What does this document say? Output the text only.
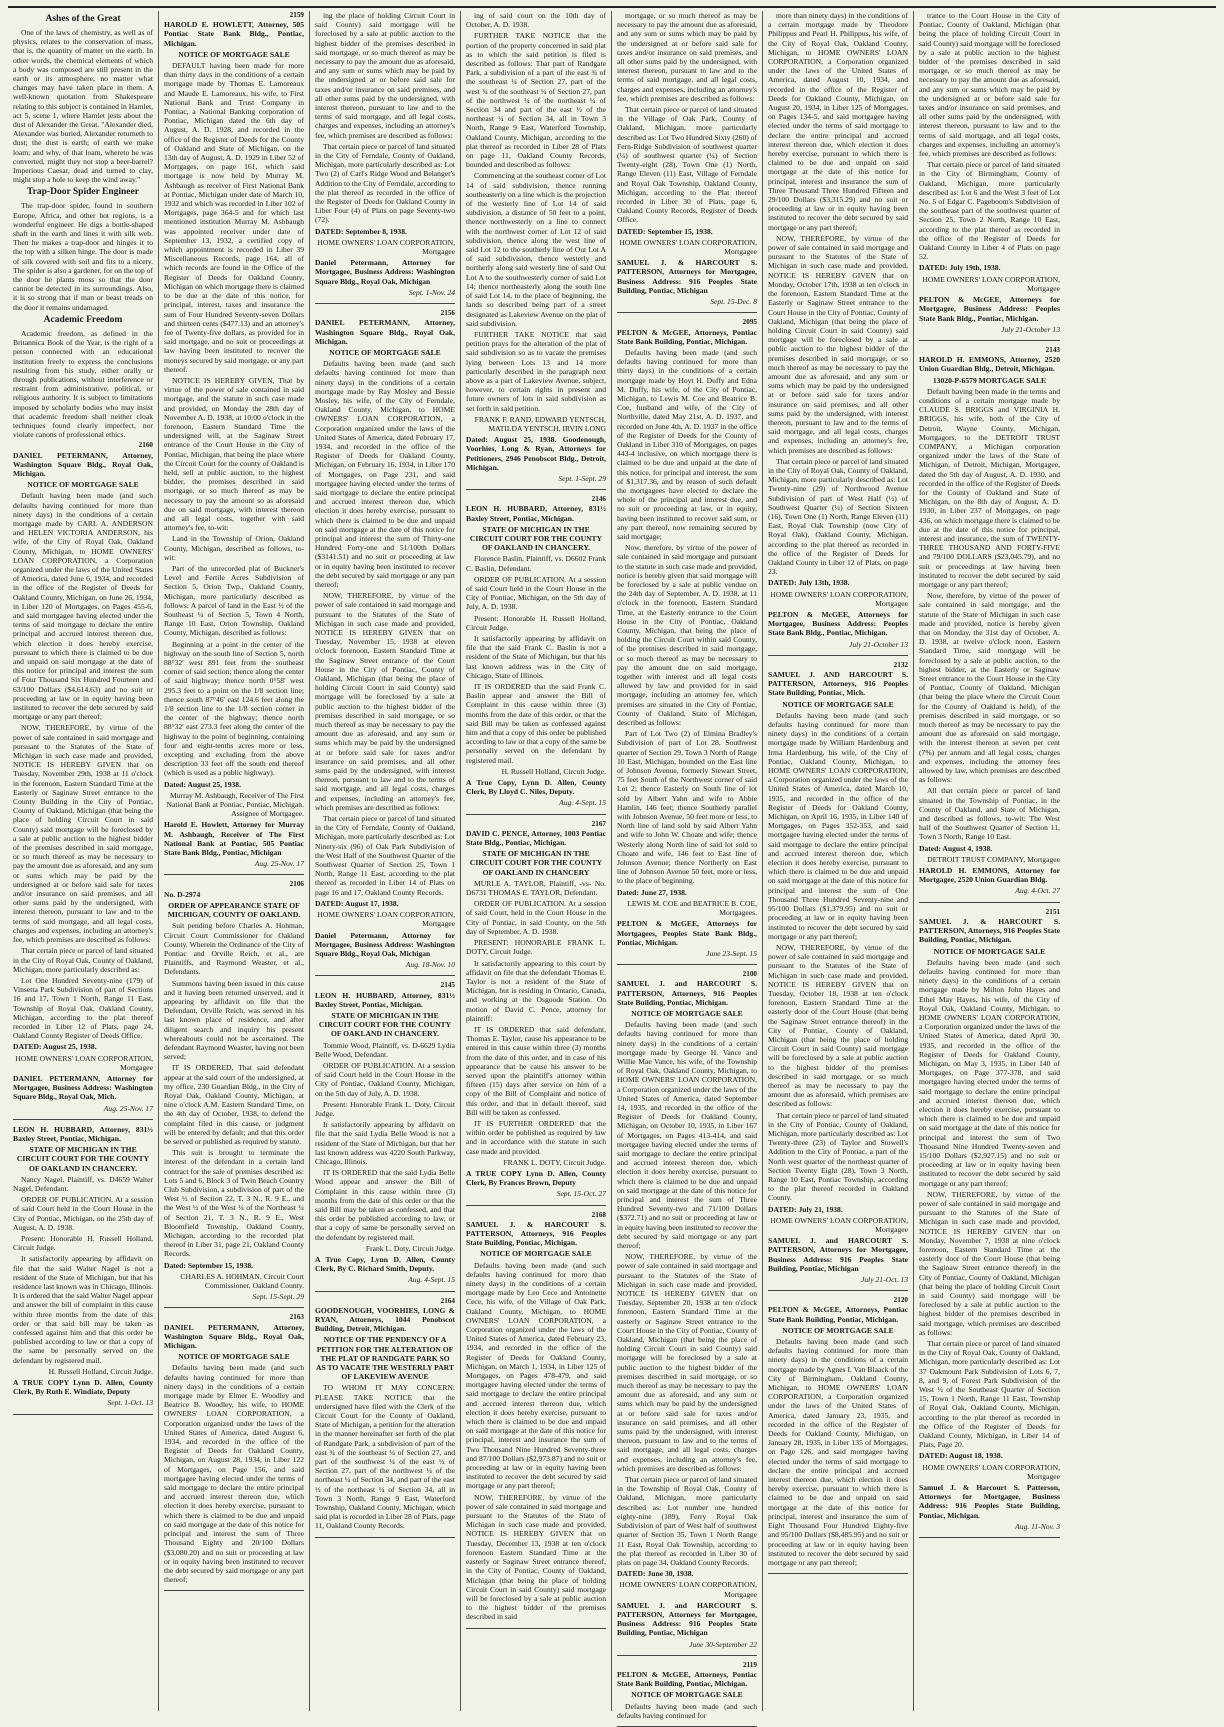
Ashes of the Great

One of the laws of chemistry, as well as of physics, relates to the conservation of mass, that is, the quantity of matter on the earth. In other words, the chemical elements of which a body was composed are still present in the earth or its atmosphere, no matter what changes may have taken place in them. A well-known quotation from Shakespeare relating to this subject is contained in Hamlet, act 5, scene 1, where Hamlet jests about the dust of Alexander the Great. "Alexander died, Alexander was buried, Alexander returneth to dust; the dust is earth; of earth we make loam; and why, of that loam, whereto he was converted, might they not stop a beer-barrel? Imperious Caesar, dead and turned to clay, might stop a hole to keep the wind away."

Trap-Door Spider Engineer

The trap-door spider, found in southern Europe, Africa, and other hot regions, is a wonderful engineer. He digs a bottle-shaped shaft in the earth and lines it with silk web. Then he makes a trap-door and hinges it to the top with a silken hinge. The door is made of silk covered with soil and fits to a nicety. The spider is also a gardener, for on the top of the door he plants moss so that the door cannot be detected in its surroundings. Also, it is so strong that if man or beast treads on the door it remains undamaged.

Academic Freedom

Academic freedom, as defined in the Britannica Book of the Year, is the right of a person connected with an educational institution freely to express the conclusions resulting from his study, either orally or through publications, without interference or restraint from administrative, political, or religious authority. It is subject to limitations imposed by scholarly bodies who may insist that academic freedom shall neither cloak techniques found clearly imperfect, nor violate canons of professional ethics.

2160

DANIEL PETERMANN, Attorney, Washington Square Bldg., Royal Oak, Michigan.

NOTICE OF MORTGAGE SALE

Default having been made (and such defaults having continued for more than ninety days) in the conditions of a certain mortgage made by CARL A. ANDERSON and HELEN VICTORIA ANDERSON, his wife, of the City of Royal Oak, Oakland County, Michigan, to HOME OWNERS' LOAN CORPORATION, a Corporation organized under the laws of the United States of America, dated June 6, 1934, and recorded in the office of the Register of Deeds for Oakland County, Michigan, on June 26, 1934, in Liber 120 of Mortgages, on Pages 455-6, and said mortgagee having elected under the terms of said mortgage to declare the entire principal and accrued interest thereon due, which election it does hereby exercise, pursuant to which there is claimed to be due and unpaid on said mortgage at the date of this notice for principal and interest the sum of Four Thousand Six Hundred Fourteen and 63/100 Dollars ($4,614.63) and no suit or proceeding at law or in equity having been instituted to recover the debt secured by said mortgage or any part thereof;

NOW, THEREFORE, by virtue of the power of sale contained in said mortgage and pursuant to the Statutes of the State of Michigan in such case made and provided, NOTICE IS HEREBY GIVEN that on Tuesday, November 29th, 1938 at 11 o'clock in the forenoon, Eastern Standard Time at the Easterly or Saginaw Street entrance to the County Building in the City of Pontiac, County of Oakland, Michigan (that being the place of holding Circuit Court in said County) said mortgage will be foreclosed by a sale at public auction to the highest bidder of the premises described in said mortgage, or so much thereof as may be necessary to pay the amount due as aforesaid, and any sum or sums which may be paid by the undersigned at or before said sale for taxes and/or insurance on said premises, and all other sums paid by the undersigned, with interest thereon, pursuant to law and to the terms of said mortgage, and all legal costs, charges and expenses, including an attorney's fee, which premises are described as follows:

That certain piece or parcel of land situated in the City of Royal Oak, County of Oakland, Michigan, more particularly described as:

Lot One Hundred Seventy-nine (179) of Vinsetta Park Subdivision of part of Sections 16 and 17, Town 1 North, Range 11 East, Township of Royal Oak, Oakland County, Michigan, according to the plat thereof recorded in Liber 12 of Plats, page 24, Oakland County Register of Deeds Office.

DATED: August 25, 1938.

HOME OWNERS' LOAN CORPORATION, Mortgagee

DANIEL PETERMANN, Attorney for Mortgagee, Business Address: Washington Square Bldg., Royal Oak, Mich.

Aug. 25-Nov. 17

LEON H. HUBBARD, Attorney, 831½ Baxley Street, Pontiac, Michigan.

STATE OF MICHIGAN IN THE CIRCUIT COURT FOR THE COUNTY OF OAKLAND IN CHANCERY.

Nancy Nagel, Plaintiff, vs. D4659 Walter Nagel, Defendant.

ORDER OF PUBLICATION. At a session of said Court held in the Court House in the City of Pontiac, Michigan, on the 25th day of August, A. D. 1938.

Present: Honorable H. Russell Holland, Circuit Judge.

It satisfactorily appearing by affidavit on file that the said Walter Nagel is not a resident of the State of Michigan, but that his residence last known was in Chicago, Illinois. It is ordered that the said Walter Nagel appear and answer the bill of complaint in this cause within three months from the date of this order or that said bill may be taken as confessed against him and that this order be published according to law or that a copy of the same be personally served on the defendant by registered mail.

H. Russell Holland, Circuit Judge.

A TRUE COPY Lynn D. Allen, County Clerk, By Ruth E. Windiate, Deputy

Sept. 1-Oct. 13

2159

HAROLD E. HOWLETT, Attorney, 505 Pontiac State Bank Bldg., Pontiac, Michigan.

NOTICE OF MORTGAGE SALE

DEFAULT having been made for more than thirty days in the conditions of a certain mortgage made by Thomas E. Lamoreaux and Maude E. Lamoreaux, his wife, to First National Bank and Trust Company in Pontiac, a National Banking corporation of Pontiac, Michigan dated the 6th day of August, A. D. 1928, and recorded in the office of the Register of Deeds for the County of Oakland and State of Michigan, on the 13th day of August, A. D. 1929 in Liber 52 of Mortgages, on page 161, which said mortgage is now held by Murray M. Ashbaugh as receiver of First National Bank at Pontiac, Michigan under date of March 10, 1932 and which was recorded in Liber 102 of Mortgages, page 364-5 and for which last mentioned institution Murray M. Ashbaugh was appointed receiver under date of September 13, 1932, a certified copy of which appointment is recorded in Liber 39 Miscellaneous Records, page 164, all of which records are found in the Office of the Register of Deeds for Oakland County, Michigan on which mortgage there is claimed to be due at the date of this notice, for principal, interest, taxes and insurance the sum of Four Hundred Seventy-seven Dollars and thirteen cents ($477.13) and an attorney's fee of Twenty-five dollars, as provided for in said mortgage, and no suit or proceedings at law having been instituted to recover the moneys secured by said mortgage, or any part thereof.

NOTICE IS HEREBY GIVEN, That by virtue of the power of sale contained in said mortgage, and the statute in such case made and provided, on Monday the 28th day of November A. D. 1938, at 10:00 o'clock in the forenoon, Eastern Standard Time the undersigned will, at the Saginaw Street entrance of the Court House in the City of Pontiac, Michigan, that being the place where the Circuit Court for the county of Oakland is held, sell at public auction, to the highest bidder, the premises described in said mortgage, or so much thereof as may be necessary to pay the amount so as aforesaid due on said mortgage, with interest thereon and all legal costs, together with said attorney's fee, to-wit:

Land in the Township of Orion, Oakland County, Michigan, described as follows, to-wit:

Part of the unrecorded plat of Buckner's Level and Fertile Acres Subdivision of Section 5, Orion Twp., Oakland County, Michigan, more particularly described as follows: A parcel of land in the East ½ of the Southeast ¼ of Section 5, Town 4 North, Range 10 East, Orion Township, Oakland County, Michigan, described as follows:

Beginning at a point in the center of the highway on the south line of Section 5, north 88°32' west 891 feet from the southeast corner of said section; thence along the center of said highway; thence north 0°58' west 295.3 feet to a point on the 1/8 section line; thence south 87°46' east 124.6 feet along the 1/8 section line to the 1/8 section corner in the center of the highway; thence north 88°32' east 273.3 feet along the center of the highway to the point of beginning, containing four and eight-tenths acres more or less, excepting and excluding from the above description 33 feet off the south end thereof (which is used as a public highway).

Dated: August 25, 1938.

Murray M. Ashbaugh, Receiver of The First National Bank at Pontiac, Pontiac, Michigan. Assignee of Mortgagee.

Harold E. Howlett, Attorney for Murray M. Ashbaugh, Receiver of The First National Bank at Pontiac, 505 Pontiac State Bank Bldg., Pontiac, Michigan

Aug. 25-Nov. 17

2106

No. D-2974

ORDER OF APPEARANCE STATE OF MICHIGAN, COUNTY OF OAKLAND.

Suit pending before Charles A. Hohman, Circuit Court Commissioner for Oakland County. Wherein the Ordinance of the City of Pontiac and Orville Reich, et al., are Plaintiffs, and Raymond Weaster, et al., Defendants.

Summons having been issued in this cause and it having been returned unserved, and it appearing by affidavit on file that the Defendant, Orville Reich, was served in his last known place of residence, and after diligent search and inquiry his present whereabouts could not be ascertained. The defendant Raymond Weaster, having not been served;

IT IS ORDERED, That said defendant appear at the said court of the undersigned, at my office, 230 Guardian Bldg., in the City of Royal Oak, Oakland County, Michigan, at nine o'clock A.M. Eastern Standard Time, on the 4th day of October, 1938, to defend the complaint filed in this cause, or judgment will be entered by default; and that this order be served or published as required by statute.

This suit is brought to terminate the interest of the defendant in a certain land contract for the sale of premises described as: Lots 5 and 6, Block 3 of Twin Beach Country Club Subdivision, a subdivision of part of the West ½ of Section 22, T. 3 N., R. 9 E., and the West ½ of the West ¼ of the Northeast ¼ of Section 21, T. 3 N., R. 9 E., West Bloomfield Township, Oakland County, Michigan, according to the recorded plat thereof in Liber 31, page 21, Oakland County Records.

Dated: September 15, 1938.

CHARLES A. HOHMAN, Circuit Court Commissioner, Oakland County.

Sept. 15-Sept. 29

2163

DANIEL PETERMANN, Attorney, Washington Square Bldg., Royal Oak, Michigan.

NOTICE OF MORTGAGE SALE

Defaults having been made (and such defaults having continued for more than ninety days) in the conditions of a certain mortgage made by Elmer E. Woodley and Beatrice B. Woodley, his wife, to HOME OWNERS' LOAN CORPORATION, a Corporation organized under the laws of the United States of America, dated August 6, 1934, and recorded in the office of the Register of Deeds for Oakland County, Michigan, on August 28, 1934, in Liber 122 of Mortgages, on Page 156, and said mortgagee having elected under the terms of said mortgage to declare the entire principal and accrued interest thereon due, which election it does hereby exercise, pursuant to which there is claimed to be due and unpaid on said mortgage at the date of this notice for principal and interest the sum of Three Thousand Eighty and 20/100 Dollars ($3,080.20) and no suit or proceeding at law or in equity having been instituted to recover the debt secured by said mortgage or any part thereof;

ing the place of holding Circuit Court in said County) said mortgage will be foreclosed by a sale at public auction to the highest bidder of the premises described in said mortgage, or so much thereof as may be necessary to pay the amount due as aforesaid, and any sum or sums which may be paid by the undersigned at or before said sale for taxes and/or insurance on said premises, and all other sums paid by the undersigned, with interest thereon, pursuant to law and to the terms of said mortgage, and all legal costs, charges and expenses, including an attorney's fee, which premises are described as follows:

That certain piece or parcel of land situated in the City of Ferndale, County of Oakland, Michigan, more particularly described as: Lot Two (2) of Carl's Ridge Wood and Belanger's Addition to the City of Ferndale, according to the plat thereof as recorded in the office of the Register of Deeds for Oakland County in Liber Four (4) of Plats on page Seventy-two (72).

DATED: September 8, 1938.

HOME OWNERS' LOAN CORPORATION, Mortgagee

Daniel Petermann, Attorney for Mortgagee, Business Address: Washington Square Bldg., Royal Oak, Michigan

Sept. 1-Nov. 24

2156

DANIEL PETERMANN, Attorney, Washington Square Bldg., Royal Oak, Michigan.

NOTICE OF MORTGAGE SALE

Defaults having been made (and such defaults having continued for more than ninety days) in the conditions of a certain mortgage made by Ray Mosley and Bessie Mosley, his wife, of the City of Ferndale, Oakland County, Michigan, to HOME OWNERS' LOAN CORPORATION, a Corporation organized under the laws of the United States of America, dated February 17, 1934, and recorded in the office of the Register of Deeds for Oakland County, Michigan, on February 16, 1934, in Liber 170 of Mortgages, on Page 231, and said mortgagee having elected under the terms of said mortgage to declare the entire principal and accrued interest thereon due, which election it does hereby exercise, pursuant to which there is claimed to be due and unpaid on said mortgage at the date of this notice for principal and interest the sum of Thirty-one Hundred Forty-one and 51/100th Dollars ($3141.51) and no suit or proceeding at law or in equity having been instituted to recover the debt secured by said mortgage or any part thereof;

NOW, THEREFORE, by virtue of the power of sale contained in said mortgage and pursuant to the Statutes of the State of Michigan in such case made and provided, NOTICE IS HEREBY GIVEN that on Tuesday, November 15, 1938 at eleven o'clock forenoon, Eastern Standard Time at the Saginaw Street entrance of the Court House in the City of Pontiac, County of Oakland, Michigan (that being the place of holding Circuit Court in said County) said mortgage will be foreclosed by a sale at public auction to the highest bidder of the premises described in said mortgage, or so much thereof as may be necessary to pay the amount due as aforesaid, and any sum or sums which may be paid by the undersigned at or before said sale for taxes and/or insurance on said premises, and all other sums paid by the undersigned, with interest thereon, pursuant to law and to the terms of said mortgage, and all legal costs, charges and expenses, including an attorney's fee, which premises are described as follows:

That certain piece or parcel of land situated in the City of Ferndale, County of Oakland, Michigan, more particularly described as: Lot Ninety-six (96) of Oak Park Subdivision of the West Half of the Southwest Quarter of the Southwest Quarter of Section 25, Town 1 North, Range 11 East, according to the plat thereof as recorded in Liber 14 of Plats on page 16 and 17, Oakland County Records.

DATED: August 17, 1938.

HOME OWNERS' LOAN CORPORATION, Mortgagee

Daniel Petermann, Attorney for Mortgagee, Business Address: Washington Square Bldg., Royal Oak, Michigan

Aug. 18-Nov. 10

2145

LEON H. HUBBARD, Attorney, 831½ Baxley Street, Pontiac, Michigan.

STATE OF MICHIGAN IN THE CIRCUIT COURT FOR THE COUNTY OF OAKLAND IN CHANCERY.

Tommie Wood, Plaintiff, vs. D-6629 Lydia Belle Wood, Defendant.

ORDER OF PUBLICATION. At a session of said Court held in the Court House in the City of Pontiac, Oakland County, Michigan, on the 5th day of July, A. D. 1938.

Present: Honorable Frank L. Doty, Circuit Judge.

It satisfactorily appearing by affidavit on file that the said Lydia Belle Wood is not a resident of the State of Michigan, but that her last known address was 4220 South Parkway, Chicago, Illinois.

IT IS ORDERED that the said Lydia Belle Wood appear and answer the Bill of Complaint in this cause within three (3) months from the date of this order or that the said Bill may be taken as confessed, and that this order be published according to law, or that a copy of same be personally served on the defendant by registered mail.

Frank L. Doty, Circuit Judge.

A True Copy, Lynn D. Allen, County Clerk, By C. Richard Smith, Deputy.

Aug. 4-Sept. 15

2164

GOODENOUGH, VOORHIES, LONG & RYAN, Attorneys, 1044 Penobscot Building, Detroit, Michigan.

NOTICE OF THE PENDENCY OF A PETITION FOR THE ALTERATION OF THE PLAT OF RANDGATE PARK SO AS TO VACATE THE WESTERLY PART OF LAKEVIEW AVENUE

TO WHOM IT MAY CONCERN: PLEASE TAKE NOTICE that the undersigned have filed with the Clerk of the Circuit Court for the County of Oakland, State of Michigan, a petition for the alteration in the manner hereinafter set forth of the plat of Randgate Park, a subdivision of part of the east ¾ of the southeast ¼ of Section 27, and part of the southwest ¼ of the east ½ of Section 27, part of the northwest ¼ of the northeast ¼ of Section 34, and part of the east ½ of the northeast ¼ of Section 34, all in Town 3 North, Range 9 East, Waterford Township, Oakland County, Michigan, which said plat is recorded in Liber 28 of Plats, page 11, Oakland County Records.

ing of said court on the 10th day of October, A. D. 1938.

FURTHER TAKE NOTICE that the portion of the property concerned in said plat as to which the said petition is filed is described as follows: That part of Randgate Park, a subdivision of a part of the east ¾ of the southeast ¼ of Section 27, part of the west ¾ of the southeast ¼ of Section 27, part of the northwest ¼ of the northeast ¼ of Section 34 and part of the east ½ of the northeast ¼ of Section 34, all in Town 3 North, Range 9 East, Waterford Township, Oakland County, Michigan, according to the plat thereof as recorded in Liber 28 of Plats on page 11, Oakland County Records, bounded and described as follows:

Commencing at the southeast corner of Lot 14 of said subdivision, thence running southeasterly on a line which is the projection of the westerly line of Lot 14 of said subdivision, a distance of 50 feet to a point, thence northwesterly on a line to connect with the northwest corner of Lot 12 of said subdivision, thence along the west line of said Lot 12 to the southerly line of Out Lot A of said subdivision, thence westerly and northerly along said westerly line of said Out Lot A to the southwesterly corner of said Lot 14; thence northeasterly along the south line of said Lot 14, to the place of beginning, the lands so described being part of a street designated as Lakeview Avenue on the plat of said subdivision.

FURTHER TAKE NOTICE that said petition prays for the alteration of the plat of said subdivision so as to vacate the premises lying between Lots 13 and 14 more particularly described in the paragraph next above as a part of Lakeview Avenue, subject, however, to certain rights in present and future owners of lots in said subdivision as set forth in said petition.

FRANK F. RAND, EDWARD YENTSCH, MATILDA YENTSCH, IRVIN LONG

Dated: August 25, 1938. Goodenough, Voorhies, Long & Ryan, Attorneys for Petitioners, 2946 Penobscot Bldg., Detroit, Michigan.

Sept. 1-Sept. 29

2146

LEON H. HUBBARD, Attorney, 831½ Baxley Street, Pontiac, Michigan.

STATE OF MICHIGAN IN THE CIRCUIT COURT FOR THE COUNTY OF OAKLAND IN CHANCERY.

Florence Baslin, Plaintiff, vs. D6602 Frank C. Baslin, Defendant.

ORDER OF PUBLICATION. At a session of said Court held in the Court House in the City of Pontiac, Michigan, on the 5th day of July, A. D. 1938.

Present: Honorable H. Russell Holland, Circuit Judge.

It satisfactorily appearing by affidavit on file that the said Frank C. Baslin is not a resident of the State of Michigan, but that his last known address was in the City of Chicago, State of Illinois.

IT IS ORDERED that the said Frank C. Baslin appear and answer the Bill of Complaint in this cause within three (3) months from the date of this order, or that the said Bill may be taken as confessed against him and that a copy of this order be published according to law or that a copy of the same be personally served on the defendant by registered mail.

H. Russell Holland, Circuit Judge.

A True Copy, Lynn D. Allen, County Clerk, By Lloyd C. Niles, Deputy.

Aug. 4-Sept. 15

2167

DAVID C. PENCE, Attorney, 1003 Pontiac State Bldg., Pontiac, Michigan.

STATE OF MICHIGAN IN THE CIRCUIT COURT FOR THE COUNTY OF OAKLAND IN CHANCERY

MURLE A. TAYLOR, Plaintiff, -vs- No. D6731 THOMAS E. TAYLOR, Defendant.

ORDER OF PUBLICATION. At a session of said Court, held in the Court House in the City of Pontiac, in said County, on the 5th day of September, A. D. 1938.

PRESENT: HONORABLE FRANK L. DOTY, Circuit Judge.

It satisfactorily appearing to this court by affidavit on file that the defendant Thomas E. Taylor is not a resident of the State of Michigan, but is residing in Ontario, Canada, and working at the Osgoode Station. On motion of David C. Pence, attorney for plaintiff:

IT IS ORDERED that said defendant, Thomas E. Taylor, cause his appearance to be entered in this cause within three (3) months from the date of this order, and in case of his appearance that he cause his answer to be served upon the plaintiff's attorney within fifteen (15) days after service on him of a copy of the Bill of Complaint and notice of this order, and that in default thereof, said Bill will be taken as confessed.

IT IS FURTHER ORDERED that the within order be published as required by law and in accordance with the statute in such case made and provided.

FRANK L. DOTY, Circuit Judge.

A TRUE COPY Lynn D. Allen, County Clerk, By Frances Brown, Deputy

Sept. 15-Oct. 27

2168

SAMUEL J. & HARCOURT S. PATTERSON, Attorneys, 916 Peoples State Building, Pontiac, Michigan.

NOTICE OF MORTGAGE SALE

Defaults having been made (and such defaults having continued for more than ninety days) in the conditions of a certain mortgage made by Leo Cece and Antoinette Cece, his wife, of the Village of Oak Park, Oakland County, Michigan, to HOME OWNERS' LOAN CORPORATION, a Corporation organized under the laws of the United States of America, dated February 23, 1934, and recorded in the office of the Register of Deeds for Oakland County, Michigan, on March 1, 1934, in Liber 125 of Mortgages, on Pages 478-479, and said mortgagee having elected under the terms of said mortgage to declare the entire principal and accrued interest thereon due, which election it does hereby exercise, pursuant to which there is claimed to be due and unpaid on said mortgage at the date of this notice for principal, interest and insurance the sum of Two Thousand Nine Hundred Seventy-three and 87/100 Dollars ($2,973.87) and no suit or proceeding at law or in equity having been instituted to recover the debt secured by said mortgage or any part thereof;

NOW, THEREFORE, by virtue of the power of sale contained in said mortgage and pursuant to the Statutes of the State of Michigan in such case made and provided, NOTICE IS HEREBY GIVEN that on Tuesday, December 13, 1938 at ten o'clock forenoon Eastern Standard Time at the easterly or Saginaw Street entrance thereof, in the City of Pontiac, County of Oakland, Michigan (that being the place of holding Circuit Court in said County) said mortgage will be foreclosed by a sale at public auction to the highest bidder of the premises described in said

mortgage, or so much thereof as may be necessary to pay the amount due as aforesaid, and any sum or sums which may be paid by the undersigned at or before said sale for taxes and/or insurance on said premises, and all other sums paid by the undersigned, with interest thereon, pursuant to law and to the terms of said mortgage, and all legal costs, charges and expenses, including an attorney's fee, which premises are described as follows:

That certain piece or parcel of land situated in the Village of Oak Park, County of Oakland, Michigan, more particularly described as: Lot Two Hundred Sixty (260) of Fern-Ridge Subdivision of southwest quarter (¼) of southwest quarter (¼) of Section Twenty-eight (28), Town One (1) North, Range Eleven (11) East, Village of Ferndale and Royal Oak Township, Oakland County, Michigan, according to the Plat thereof recorded in Liber 30 of Plats, page 6, Oakland County Records, Register of Deeds Office.

DATED: September 15, 1938.

HOME OWNERS' LOAN CORPORATION, Mortgagee

SAMUEL J. & HARCOURT S. PATTERSON, Attorneys for Mortgagee, Business Address: 916 Peoples State Building, Pontiac, Michigan

Sept. 15-Dec. 8

2095

PELTON & McGEE, Attorneys, Pontiac State Bank Building, Pontiac, Michigan.

Defaults having been made (and such defaults having continued for more than thirty days) in the conditions of a certain mortgage made by Hoyt H. Duffy and Edna M. Duffy, his wife, of the City of Pontiac, Michigan, to Lewis M. Coe and Beatrice B. Coe, husband and wife, of the City of Northville, dated May 21st, A. D. 1937, and recorded on June 4th, A. D. 1937 in the office of the Register of Deeds for the County of Oakland in Liber 310 of Mortgages, on pages 443-4 inclusive, on which mortgage there is claimed to be due and unpaid at the date of this notice, for principal and interest, the sum of $1,317.36, and by reason of such default the mortgagees have elected to declare the whole of the principal and interest due, and no suit or proceeding at law, or in equity, having been instituted to recover said sum, or any part thereof, now remaining secured by said mortgage;

Now, therefore, by virtue of the power of sale contained in said mortgage and pursuant to the statute in such case made and provided, notice is hereby given that said mortgage will be foreclosed by a sale at public vendue on the 24th day of September, A. D. 1938, at 11 o'clock in the forenoon, Eastern Standard Time, at the Easterly entrance to the Court House in the City of Pontiac, Oakland County, Michigan, that being the place of holding the Circuit Court within said County, of the premises described in said mortgage, or so much thereof as may be necessary to pay the amount due on said mortgage, together with interest and all legal costs allowed by law and provided for in said mortgage, including an attorney fee, which premises are situated in the City of Pontiac, County of Oakland, State of Michigan, described as follows:

Part of Lot Two (2) of Elmina Bradley's Subdivision of part of Lot 28, Southwest quarter of Section 29, Town 3 North of Range 10 East, Michigan, bounded on the East line of Johnson Avenue, formerly Stewart Street, 75 feet South of the Northwest corner of said Lot 2; thence Easterly on South line of lot sold by Albert Yahn and wife to Abbie Hamlin, 146 feet; thence Southerly parallel with Johnson Avenue, 50 feet more or less, to North line of land sold by said Albert Yahn and wife to John W. Choate and wife; thence Westerly along North line of said lot sold to Choate and wife, 146 feet to East line of Johnson Avenue; thence Northerly on East line of Johnson Avenue 50 feet, more or less, to the place of beginning.

Dated: June 27, 1938.

LEWIS M. COE and BEATRICE B. COE, Mortgagees.

PELTON & McGEE, Attorneys for Mortgagees, Peoples State Bank Bldg., Pontiac, Michigan.

June 23-Sept. 15

2100

SAMUEL J. and HARCOURT S. PATTERSON, Attorneys, 916 Peoples State Building, Pontiac, Michigan.

NOTICE OF MORTGAGE SALE

Defaults having been made (and such defaults having continued for more than ninety days) in the conditions of a certain mortgage made by George H. Vance and Willie Mae Vance, his wife, of the Township of Royal Oak, Oakland County, Michigan, to HOME OWNERS' LOAN CORPORATION, a Corporation organized under the laws of the United States of America, dated September 14, 1935, and recorded in the office of the Register of Deeds for Oakland County, Michigan, on October 10, 1935, in Liber 167 of Mortgages, on Pages 413-414, and said mortgagee having elected under the terms of said mortgage to declare the entire principal and accrued interest thereon due, which election it does hereby exercise, pursuant to which there is claimed to be due and unpaid on said mortgage at the date of this notice for principal and interest the sum of Three Hundred Seventy-two and 71/100 Dollars ($372.71) and no suit or proceeding at law or in equity having been instituted to recover the debt secured by said mortgage or any part thereof;

NOW, THEREFORE, by virtue of the power of sale contained in said mortgage and pursuant to the Statutes of the State of Michigan in such case made and provided, NOTICE IS HEREBY GIVEN that on Tuesday, September 20, 1938 at ten o'clock forenoon, Eastern Standard Time at the easterly or Saginaw Street entrance to the Court House in the City of Pontiac, County of Oakland, Michigan (that being the place of holding Circuit Court in said County) said mortgage will be foreclosed by a sale at public auction to the highest bidder of the premises described in said mortgage, or so much thereof as may be necessary to pay the amount due as aforesaid, and any sum or sums which may be paid by the undersigned at or before said sale for taxes and/or insurance on said premises, and all other sums paid by the undersigned, with interest thereon, pursuant to law and to the terms of said mortgage, and all legal costs, charges and expenses, including an attorney's fee, which premises are described as follows:

That certain piece or parcel of land situated in the Township of Royal Oak, County of Oakland, Michigan, more particularly described as: Lot number one hundred eighty-nine (189), Ferry Royal Oak Subdivision of part of West half of southwest quarter of Section 35, Town 1 North Range 11 East, Royal Oak Township, according to the plat thereof as recorded in Liber 30 of plats on page 34, Oakland County Records.

DATED: June 30, 1938.

HOME OWNERS' LOAN CORPORATION, Mortgagee

SAMUEL J. and HARCOURT S. PATTERSON, Attorneys for Mortgagee, Business Address: 916 Peoples State Building, Pontiac, Michigan

June 30-September 22

2119

PELTON & McGEE, Attorneys, Pontiac State Bank Building, Pontiac, Michigan.

NOTICE OF MORTGAGE SALE

Defaults having been made (and such defaults having continued for

more than ninety days) in the conditions of a certain mortgage made by Theodore Philippus and Pearl H. Philippus, his wife, of the City of Royal Oak, Oakland County, Michigan, to HOME OWNERS' LOAN CORPORATION, a Corporation organized under the laws of the United States of America, dated August 10, 1934, and recorded in the office of the Register of Deeds for Oakland County, Michigan, on August 20, 1934, in Liber 125 of Mortgages, on Pages 134-5, and said mortgagee having elected under the terms of said mortgage to declare the entire principal and accrued interest thereon due, which election it does hereby exercise, pursuant to which there is claimed to be due and unpaid on said mortgage at the date of this notice for principal, interest and insurance the sum of Three Thousand Three Hundred Fifteen and 29/100 Dollars ($3,315.29) and no suit or proceeding at law or in equity having been instituted to recover the debt secured by said mortgage or any part thereof;

NOW, THEREFORE, by virtue of the power of sale contained in said mortgage and pursuant to the Statutes of the State of Michigan in such case made and provided, NOTICE IS HEREBY GIVEN that on Monday, October 17th, 1938 at ten o'clock in the forenoon, Eastern Standard Time at the Easterly or Saginaw Street entrance to the Court House in the City of Pontiac, County of Oakland, Michigan (that being the place of holding Circuit Court in said County) said mortgage will be foreclosed by a sale at public auction to the highest bidder of the premises described in said mortgage, or so much thereof as may be necessary to pay the amount due as aforesaid, and any sum or sums which may be paid by the undersigned at or before said sale for taxes and/or insurance on said premises, and all other sums paid by the undersigned, with interest thereon, pursuant to law and to the terms of said mortgage, and all legal costs, charges and expenses, including an attorney's fee, which premises are described as follows:

That certain piece or parcel of land situated in the City of Royal Oak, County of Oakland, Michigan, more particularly described as: Lot Twenty-nine (29) of Northwood Avenue Subdivision of part of West Half (½) of Southwest Quarter (¼) of Section Sixteen (16), Town One (1) North, Range Eleven (11) East, Royal Oak Township (now City of Royal Oak), Oakland County, Michigan, according to the plat thereof as recorded in the office of the Register of Deeds for Oakland County in Liber 12 of Plats, on page 23.

DATED: July 13th, 1938.

HOME OWNERS' LOAN CORPORATION, Mortgagee

PELTON & McGEE, Attorneys for Mortgagee, Business Address: Peoples State Bank Bldg., Pontiac, Michigan.

July 21-October 13

2132

SAMUEL J. AND HARCOURT S. PATTERSON, Attorneys, 916 Peoples State Building, Pontiac, Mich.

NOTICE OF MORTGAGE SALE

Defaults having been made (and such defaults having continued for more than ninety days) in the conditions of a certain mortgage made by William Hardenburg and Irma Hardenburg, his wife, of the City of Pontiac, Oakland County, Michigan, to HOME OWNERS' LOAN CORPORATION, a Corporation organized under the laws of the United States of America, dated March 10, 1935, and recorded in the office of the Register of Deeds for Oakland County, Michigan, on April 16, 1935, in Liber 140 of Mortgages, on Pages 352-353, and said mortgagee having elected under the terms of said mortgage to declare the entire principal and accrued interest thereon due, which election it does hereby exercise, pursuant to which there is claimed to be due and unpaid on said mortgage at the date of this notice for principal and interest the sum of One Thousand Three Hundred Seventy-nine and 95/100 Dollars ($1,379.95) and no suit or proceeding at law or in equity having been instituted to recover the debt secured by said mortgage or any part thereof;

NOW, THEREFORE, by virtue of the power of sale contained in said mortgage and pursuant to the Statutes of the State of Michigan in such case made and provided, NOTICE IS HEREBY GIVEN that on Tuesday, October 18, 1938 at ten o'clock forenoon, Eastern Standard Time at the easterly door of the Court House (that being the Saginaw Street entrance thereof) in the City of Pontiac, County of Oakland, Michigan (that being the place of holding Circuit Court in said County) said mortgage will be foreclosed by a sale at public auction to the highest bidder of the premises described in said mortgage, or so much thereof as may be necessary to pay the amount due as aforesaid, which premises are described as follows:

That certain piece or parcel of land situated in the City of Pontiac, County of Oakland, Michigan, more particularly described as: Lot Twenty-three (23) of Taylor and Stowell's Addition to the City of Pontiac, a part of the North west quarter of the northeast quarter of Section Twenty Eight (28), Town 3 North, Range 10 East, Pontiac Township, according to the plat thereof recorded in Oakland County.

DATED: July 21, 1938.

HOME OWNERS' LOAN CORPORATION, Mortgagee

SAMUEL J. and HARCOURT S. PATTERSON, Attorneys for Mortgagee, Business Address: 916 Peoples State Building, Pontiac, Michigan

July 21-Oct. 13

2120

PELTON & McGEE, Attorneys, Pontiac State Bank Building, Pontiac, Michigan.

NOTICE OF MORTGAGE SALE

Defaults having been made (and such defaults having continued for more than ninety days) in the conditions of a certain mortgage made by Agnes I. Van Blaack of the City of Birmingham, Oakland County, Michigan, to HOME OWNERS' LOAN CORPORATION, a Corporation organized under the laws of the United States of America, dated January 23, 1935, and recorded in the office of the Register of Deeds for Oakland County, Michigan, on January 28, 1935, in Liber 135 of Mortgages, on Page 126, and said mortgagee having elected under the terms of said mortgage to declare the entire principal and accrued interest thereon due, which election it does hereby exercise, pursuant to which there is claimed to be due and unpaid on said mortgage at the date of this notice for principal, interest and insurance the sum of Eight Thousand Four Hundred Eighty-five and 95/100 Dollars ($8,485.95) and no suit or proceeding at law or in equity having been instituted to recover the debt secured by said mortgage or any part thereof;

trance to the Court House in the City of Pontiac, County of Oakland, Michigan (that being the place of holding Circuit Court in said County) said mortgage will be foreclosed by a sale at public auction to the highest bidder of the premises described in said mortgage, or so much thereof as may be necessary to pay the amount due as aforesaid, and any sum or sums which may be paid by the undersigned at or before said sale for taxes and/or insurance on said premises, and all other sums paid by the undersigned, with interest thereon, pursuant to law and to the terms of said mortgage, and all legal costs, charges and expenses, including an attorney's fee, which premises are described as follows:

That certain piece or parcel of land situated in the City of Birmingham, County of Oakland, Michigan, more particularly described as: Lot 6 and the West 3 feet of Lot No. 5 of Edgar C. Pageboom's Subdivision of the southeast part of the southwest quarter of Section 25, Town 2 North, Range 10 East, according to the plat thereof as recorded in the office of the Register of Deeds for Oakland County in Liber 4 of Plats on page 52.

DATED: July 19th, 1938.

HOME OWNERS' LOAN CORPORATION, Mortgagee

PELTON & McGEE, Attorneys for Mortgagee, Business Address: Peoples State Bank Bldg., Pontiac, Michigan.

July 21-October 13

2143

HAROLD H. EMMONS, Attorney, 2520 Union Guardian Bldg., Detroit, Michigan.

13020-P-6579 MORTGAGE SALE

Default having been made in the terms and conditions of a certain mortgage made by CLAUDE S. BRIGGS and VIRGINIA H. BRIGGS, his wife, both of the City of Detroit, Wayne County, Michigan, Mortgagors, to the DETROIT TRUST COMPANY, a Michigan corporation organized under the laws of the State of Michigan, of Detroit, Michigan, Mortgagee, dated the 5th day of August, A. D. 1930, and recorded in the office of the Register of Deeds for the County of Oakland and State of Michigan, on the 8th day of August, A. D. 1930, in Liber 237 of Mortgages, on page 436, on which mortgage there is claimed to be due at the date of this notice for principal, interest and insurance, the sum of TWENTY-THREE THOUSAND AND FORTY-FIVE and 79/100 DOLLARS ($23,045.79), and no suit or proceedings at law having been instituted to recover the debt secured by said mortgage or any part thereof;

Now, therefore, by virtue of the power of sale contained in said mortgage, and the statute of the State of Michigan in such case made and provided, notice is hereby given that on Monday, the 31st day of October, A. D. 1938, at twelve o'clock noon, Eastern Standard Time, said mortgage will be foreclosed by a sale at public auction, to the highest bidder, at the Easterly or Saginaw Street entrance to the Court House in the City of Pontiac, County of Oakland, Michigan (that being the place where the Circuit Court for the County of Oakland is held), of the premises described in said mortgage, or so much thereof as may be necessary to pay the amount due as aforesaid on said mortgage, with the interest thereon at seven per cent (7%) per annum and all legal costs, charges and expenses, including the attorney fees allowed by law, which premises are described as follows:

All that certain piece or parcel of land situated in the Township of Pontiac, in the County of Oakland, and State of Michigan, and described as follows, to-wit: The West half of the Southwest Quarter of Section 11, Town 3 North, Range 10 East.

Dated: August 4, 1938.

DETROIT TRUST COMPANY, Mortgagee

HAROLD H. EMMONS, Attorney for Mortgagee, 2520 Union Guardian Bldg.

Aug. 4-Oct. 27

2151

SAMUEL J. & HARCOURT S. PATTERSON, Attorneys, 916 Peoples State Building, Pontiac, Michigan.

NOTICE OF MORTGAGE SALE

Defaults having been made (and such defaults having continued for more than ninety days) in the conditions of a certain mortgage made by Milton John Hayes and Ethel May Hayes, his wife, of the City of Royal Oak, Oakland County, Michigan, to HOME OWNERS' LOAN CORPORATION, a Corporation organized under the laws of the United States of America, dated April 30, 1935, and recorded in the office of the Register of Deeds for Oakland County, Michigan, on May 3, 1935, in Liber 140 of Mortgages, on Page 377-378, and said mortgagee having elected under the terms of said mortgage to declare the entire principal and accrued interest thereon due, which election it does hereby exercise, pursuant to which there is claimed to be due and unpaid on said mortgage at the date of this notice for principal and interest the sum of Two Thousand Nine Hundred Twenty-seven and 15/100 Dollars ($2,927.15) and no suit or proceeding at law or in equity having been instituted to recover the debt secured by said mortgage or any part thereof;

NOW, THEREFORE, by virtue of the power of sale contained in said mortgage and pursuant to the Statutes of the State of Michigan in such case made and provided, NOTICE IS HEREBY GIVEN that on Monday, November 7, 1938 at nine o'clock forenoon, Eastern Standard Time at the easterly door of the Court House (that being the Saginaw Street entrance thereof) in the City of Pontiac, County of Oakland, Michigan (that being the place of holding Circuit Court in said County) said mortgage will be foreclosed by a sale at public auction to the highest bidder of the premises described in said mortgage, which premises are described as follows:

That certain piece or parcel of land situated in the City of Royal Oak, County of Oakland, Michigan, more particularly described as: Lot 37 Oakmount Park Subdivision of Lots 6, 7, 8, and 9, of Forest Park Subdivision of the West ½ of the Southeast Quarter of Section 15, Town 1 North, Range 11 East, Township of Royal Oak, Oakland County, Michigan, according to the plat thereof as recorded in the Office of the Register of Deeds for Oakland County, Michigan, in Liber 14 of Plats, Page 20.

DATED: August 18, 1938.

HOME OWNERS' LOAN CORPORATION, Mortgagee

Samuel J. & Harcourt S. Patterson, Attorneys for Mortgagee, Business Address: 916 Peoples State Building, Pontiac, Michigan.

Aug. 11-Nov. 3
